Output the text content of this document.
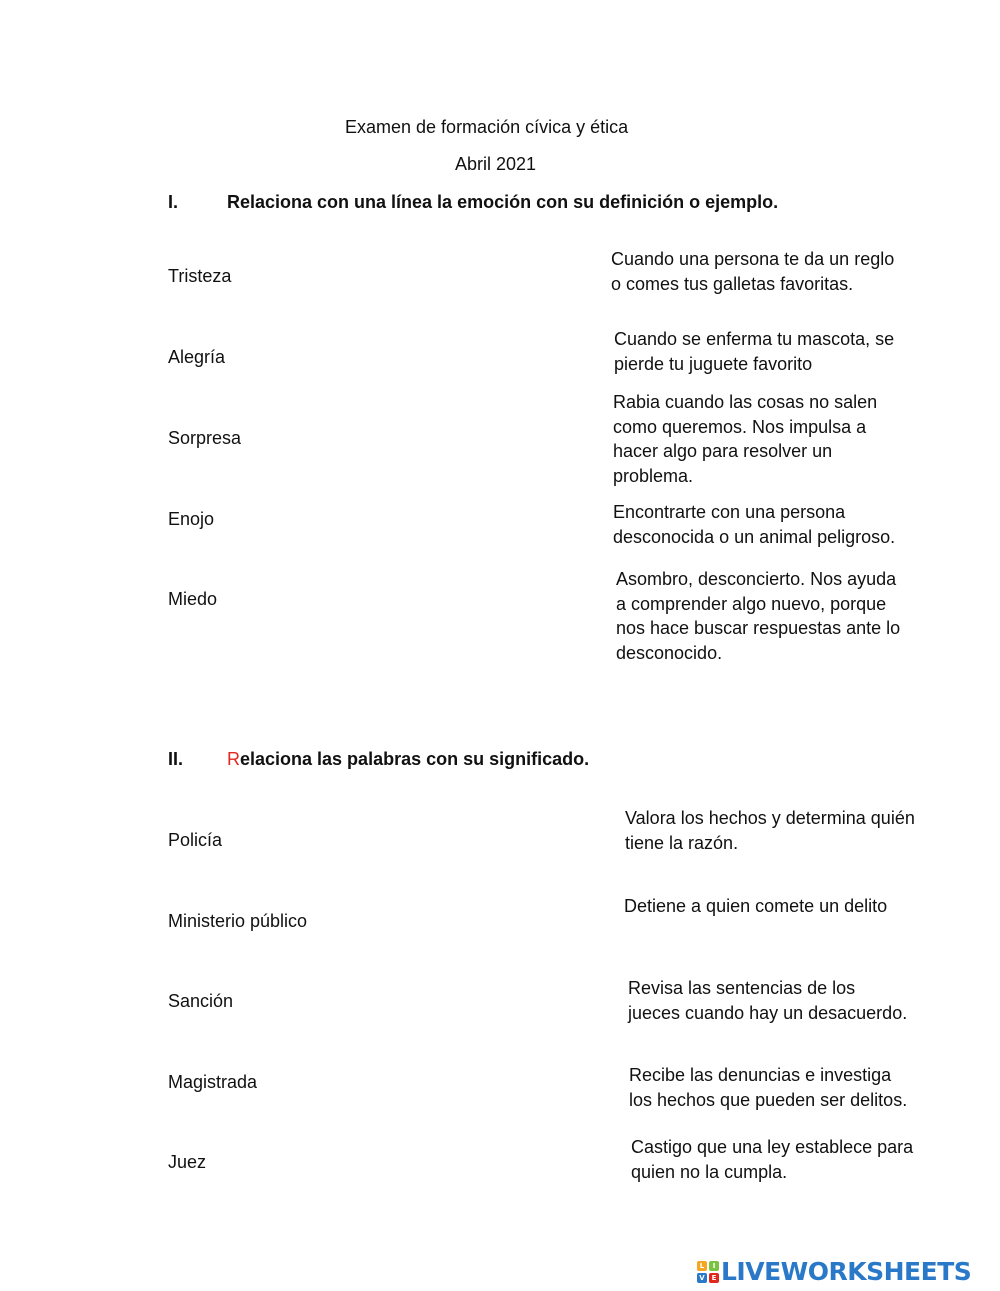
Examen de formación cívica y ética
Abril 2021
I.	Relaciona con una línea la emoción con su definición o ejemplo.
Tristeza
Alegría
Sorpresa
Enojo
Miedo
Cuando una persona te da un reglo
o comes tus galletas favoritas.
Cuando se enferma tu mascota, se
pierde tu juguete favorito
Rabia cuando las cosas no salen
como queremos. Nos impulsa a
hacer algo para resolver un
problema.
Encontrarte con una persona
desconocida o un animal peligroso.
Asombro, desconcierto. Nos ayuda
a comprender algo nuevo, porque
nos hace buscar respuestas ante lo
desconocido.
II. Relaciona las palabras con su significado.
Policía
Ministerio público
Sanción
Magistrada
Juez
Valora los hechos y determina quién
tiene la razón.
Detiene a quien comete un delito
Revisa las sentencias de los
jueces cuando hay un desacuerdo.
Recibe las denuncias e investiga
los hechos que pueden ser delitos.
Castigo que una ley establece para
quien no la cumpla.
L	I
V E LIVEWORKSHEETS
